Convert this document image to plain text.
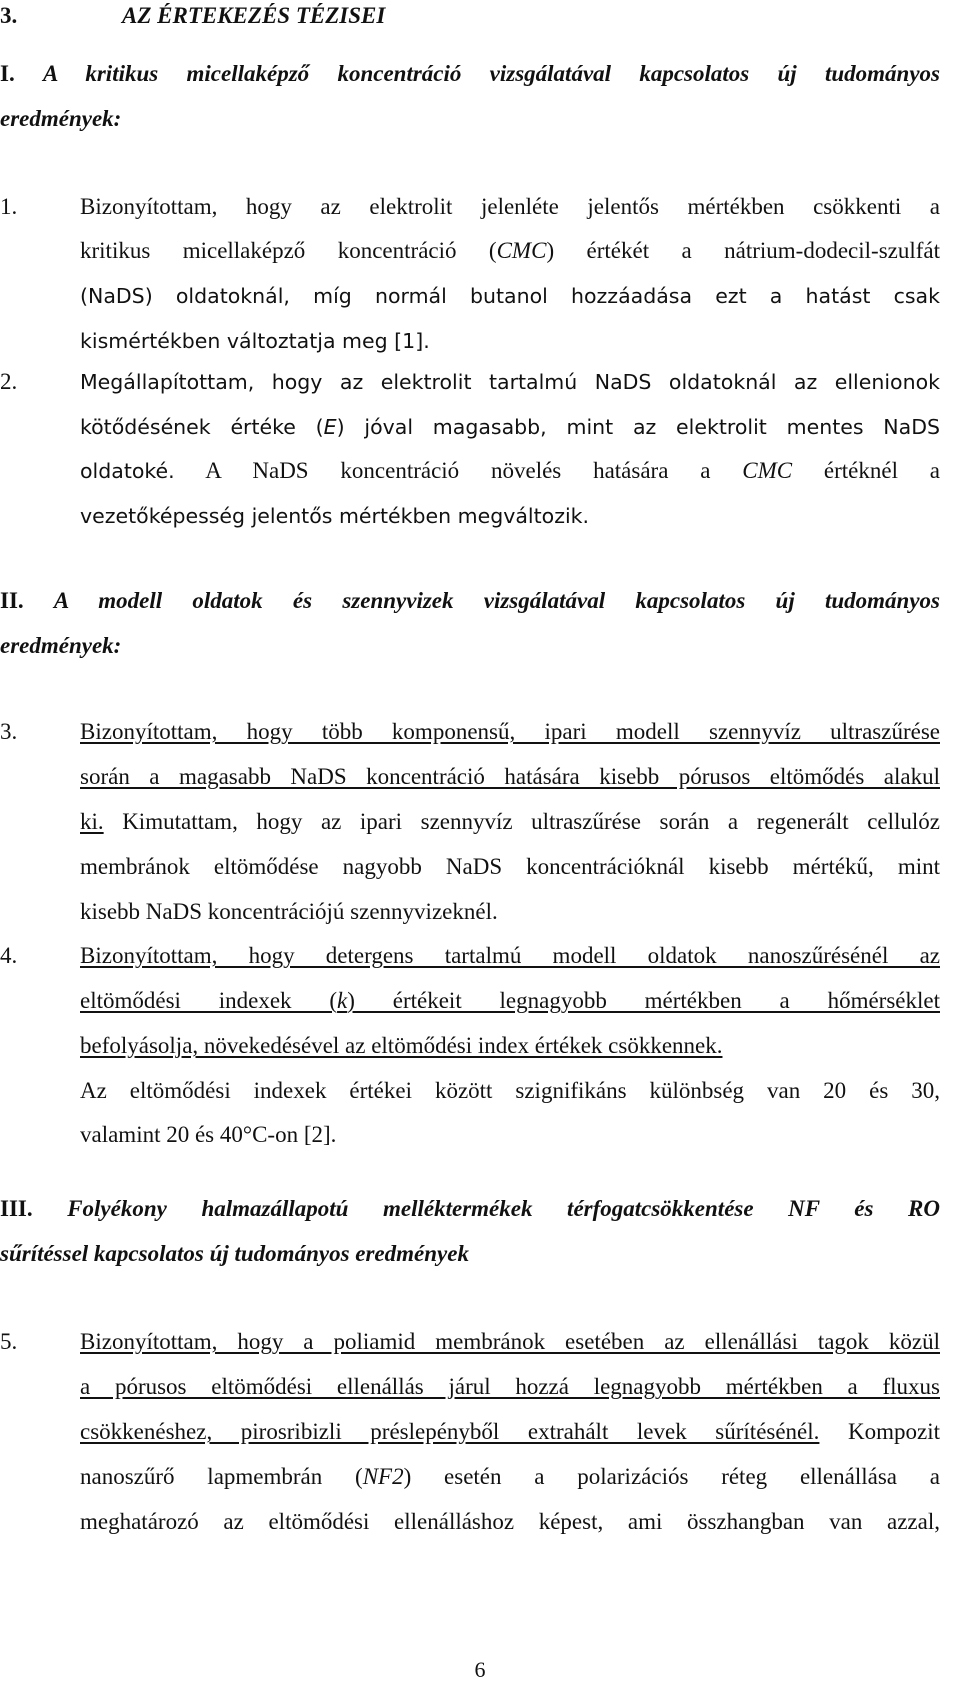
3.	AZ ÉRTEKEZÉS TÉZISEI
I. A kritikus micellaképző koncentráció vizsgálatával kapcsolatos új tudományos
eredmények:
1.	Bizonyítottam, hogy az elektrolit jelenléte jelentős mértékben csökkenti a
kritikus micellaképző koncentráció (CMC) értékét a nátrium-dodecil-szulfát
(NaDS) oldatoknál, míg normál butanol hozzáadása ezt a hatást csak
kismértékben változtatja meg [1].
2.	Megállapítottam, hogy az elektrolit tartalmú NaDS oldatoknál az ellenionok
kötődésének értéke (E) jóval magasabb, mint az elektrolit mentes NaDS
oldatoké. A NaDS koncentráció növelés hatására a CMC értéknél a
vezetőképesség jelentős mértékben megváltozik.
II. A modell oldatok és szennyvizek vizsgálatával kapcsolatos új tudományos
eredmények:
3.	Bizonyítottam, hogy több komponensű, ipari modell szennyvíz ultraszűrése
során a magasabb NaDS koncentráció hatására kisebb pórusos eltömődés alakul
ki. Kimutattam, hogy az ipari szennyvíz ultraszűrése során a regenerált cellulóz
membránok eltömődése nagyobb NaDS koncentrációknál kisebb mértékű, mint
kisebb NaDS koncentrációjú szennyvizeknél.
4.	Bizonyítottam, hogy detergens tartalmú modell oldatok nanoszűrésénél az
eltömődési indexek (k) értékeit legnagyobb mértékben a hőmérséklet
befolyásolja, növekedésével az eltömődési index értékek csökkennek.
Az eltömődési indexek értékei között szignifikáns különbség van 20 és 30,
valamint 20 és 40°C-on [2].
III. Folyékony halmazállapotú melléktermékek térfogatcsökkentése NF és RO
sűrítéssel kapcsolatos új tudományos eredmények
5.	Bizonyítottam, hogy a poliamid membránok esetében az ellenállási tagok közül
a pórusos eltömődési ellenállás járul hozzá legnagyobb mértékben a fluxus
csökkenéshez, pirosribizli préslepényből extrahált levek sűrítésénél. Kompozit
nanoszűrő lapmembrán (NF2) esetén a polarizációs réteg ellenállása a
meghatározó az eltömődési ellenálláshoz képest, ami összhangban van azzal,
6
